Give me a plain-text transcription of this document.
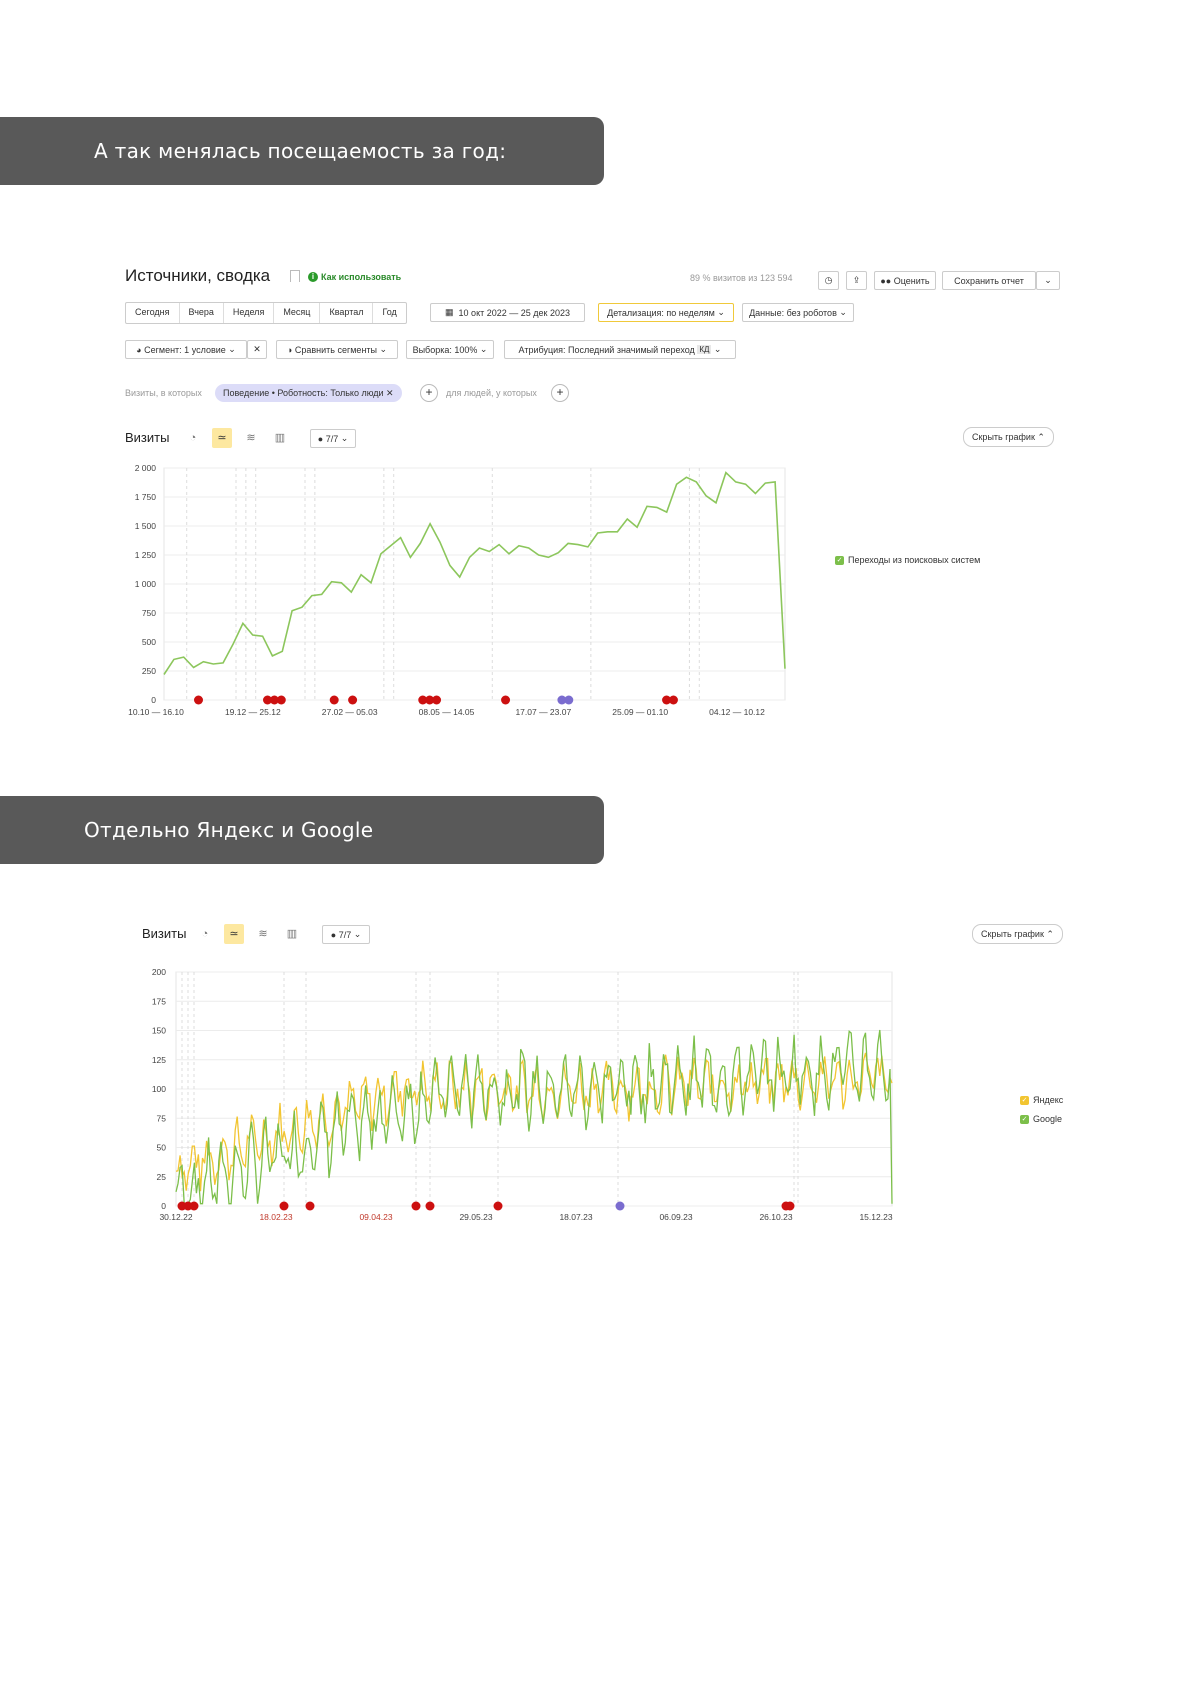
А так менялась посещаемость за год:
Источники, сводка	i Как использовать	89 % визитов из 123 594	◷ ⇪ ●●
Оценить	Сохранить отчет ⌄
Сегодня	Вчера	Неделя	Месяц	Квартал	Год	▦
10 окт 2022 — 25 дек 2023	Детализация: по неделям
⌄	Данные: без роботов
⌄
◕
Сегмент: 1 условие
⌄ ✕	◑
Сравнить сегменты
⌄	Выборка: 100%
⌄	Атрибуция: Последний значимый переход
КД
⌄
Визиты, в которых	Поведение • Роботность: Только люди ✕	+	для людей, у которых	+
Визиты	◔	≃	≋	▥	●
7/7
⌄	Скрыть график ⌃
0
250
500
750
1 000
1 250
1 500
1 750
2 000
10.10 — 16.10	19.12 — 25.12	27.02 — 05.03	08.05 — 14.05	17.07 — 23.07	25.09 — 01.10	04.12 — 10.12
✓ Переходы из поисковых систем
Отдельно Яндекс и Google
Визиты	◔	≃	≋	▥	●
7/7
⌄	Скрыть график ⌃
0
25
50
75
100
125
150
175
200
30.12.22	18.02.23	09.04.23	29.05.23	18.07.23	06.09.23	26.10.23	15.12.23
✓ Яндекс
✓ Google
